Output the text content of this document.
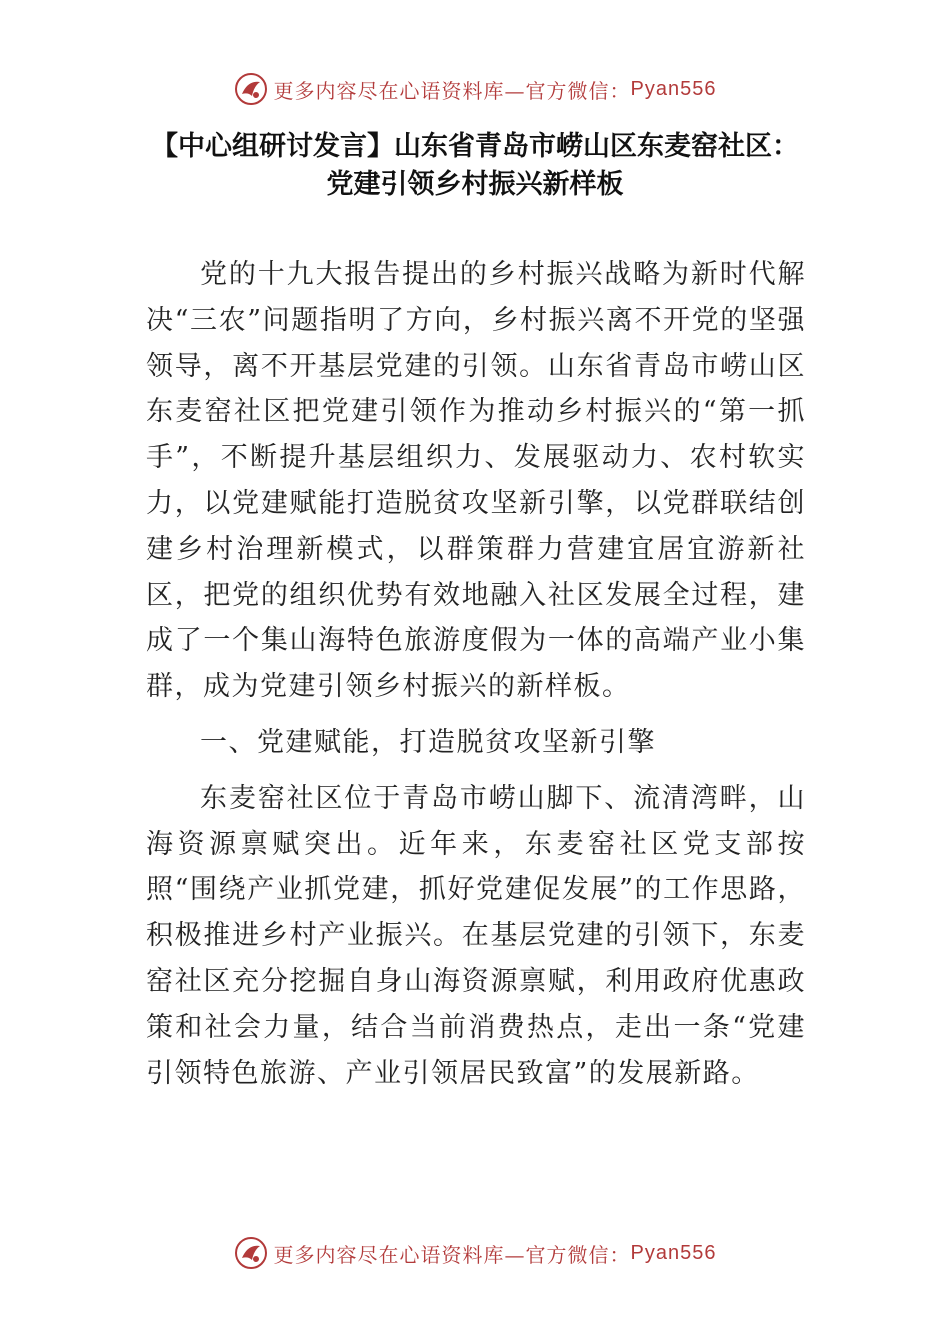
更多内容尽在心语资料库—官方微信： Pyan556
【中心组研讨发言】山东省青岛市崂山区东麦窑社区：
党建引领乡村振兴新样板

党的十九大报告提出的乡村振兴战略为新时代解决“三农”问题指明了方向，乡村振兴离不开党的坚强领导，离不开基层党建的引领。山东省青岛市崂山区东麦窑社区把党建引领作为推动乡村振兴的“第一抓手”，不断提升基层组织力、发展驱动力、农村软实力，以党建赋能打造脱贫攻坚新引擎，以党群联结创建乡村治理新模式，以群策群力营建宜居宜游新社区，把党的组织优势有效地融入社区发展全过程，建成了一个集山海特色旅游度假为一体的高端产业小集群，成为党建引领乡村振兴的新样板。

一、党建赋能，打造脱贫攻坚新引擎

东麦窑社区位于青岛市崂山脚下、流清湾畔，山海资源禀赋突出。近年来，东麦窑社区党支部按照“围绕产业抓党建，抓好党建促发展”的工作思路，积极推进乡村产业振兴。在基层党建的引领下，东麦窑社区充分挖掘自身山海资源禀赋，利用政府优惠政策和社会力量，结合当前消费热点，走出一条“党建引领特色旅游、产业引领居民致富”的发展新路。

更多内容尽在心语资料库—官方微信： Pyan556
